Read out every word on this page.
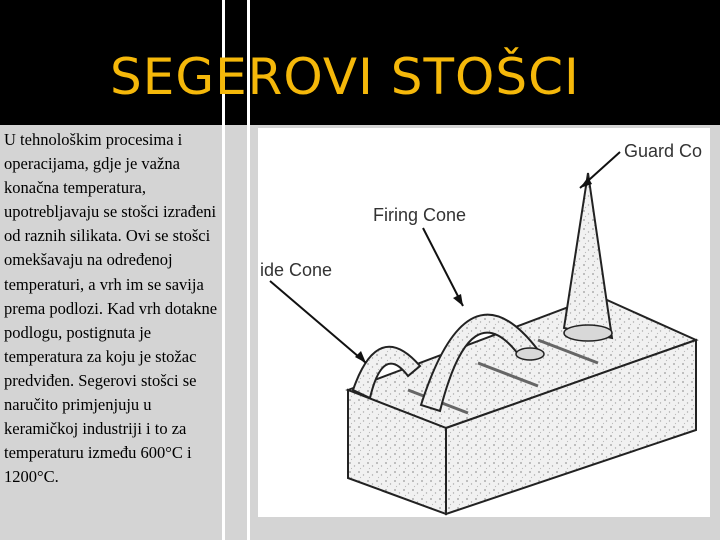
SEGEROVI STOŠCI
Guard Co
Firing Cone
ide Cone
U tehnološkim procesima i
operacijama, gdje je važna
konačna temperatura,
upotrebljavaju se stošci izrađeni
od raznih silikata. Ovi se stošci
omekšavaju na određenoj
temperaturi, a vrh im se savija
prema podlozi. Kad vrh dotakne
podlogu, postignuta je
temperatura za koju je stožac
predviđen. Segerovi stošci se
naručito primjenjuju u
keramičkoj industriji i to za
temperaturu između 600°C i
1200°C.
